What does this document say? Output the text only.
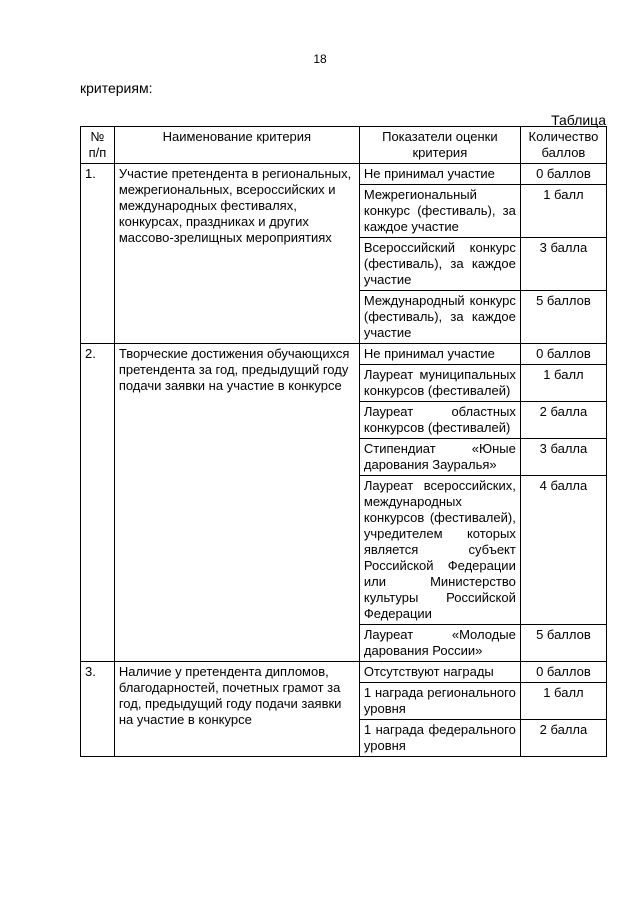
18
критериям:
Таблица
№ п/п	Наименование критерия	Показатели оценки критерия	Количество баллов
1.	Участие претендента в региональных, межрегиональных, всероссийских и международных фестивалях, конкурсах, праздниках и других массово-зрелищных мероприятиях	Не принимал участие	0 баллов
		Межрегиональный конкурс (фестиваль), за каждое участие	1 балл
		Всероссийский конкурс (фестиваль), за каждое участие	3 балла
		Международный конкурс (фестиваль), за каждое участие	5 баллов
2.	Творческие достижения обучающихся претендента за год, предыдущий году подачи заявки на участие в конкурсе	Не принимал участие	0 баллов
		Лауреат муниципальных конкурсов (фестивалей)	1 балл
		Лауреат областных конкурсов (фестивалей)	2 балла
		Стипендиат «Юные дарования Зауралья»	3 балла
		Лауреат всероссийских, международных конкурсов (фестивалей), учредителем которых является субъект Российской Федерации или Министерство культуры Российской Федерации	4 балла
		Лауреат «Молодые дарования России»	5 баллов
3.	Наличие у претендента дипломов, благодарностей, почетных грамот за год, предыдущий году подачи заявки на участие в конкурсе	Отсутствуют награды	0 баллов
		1 награда регионального уровня	1 балл
		1 награда федерального уровня	2 балла
